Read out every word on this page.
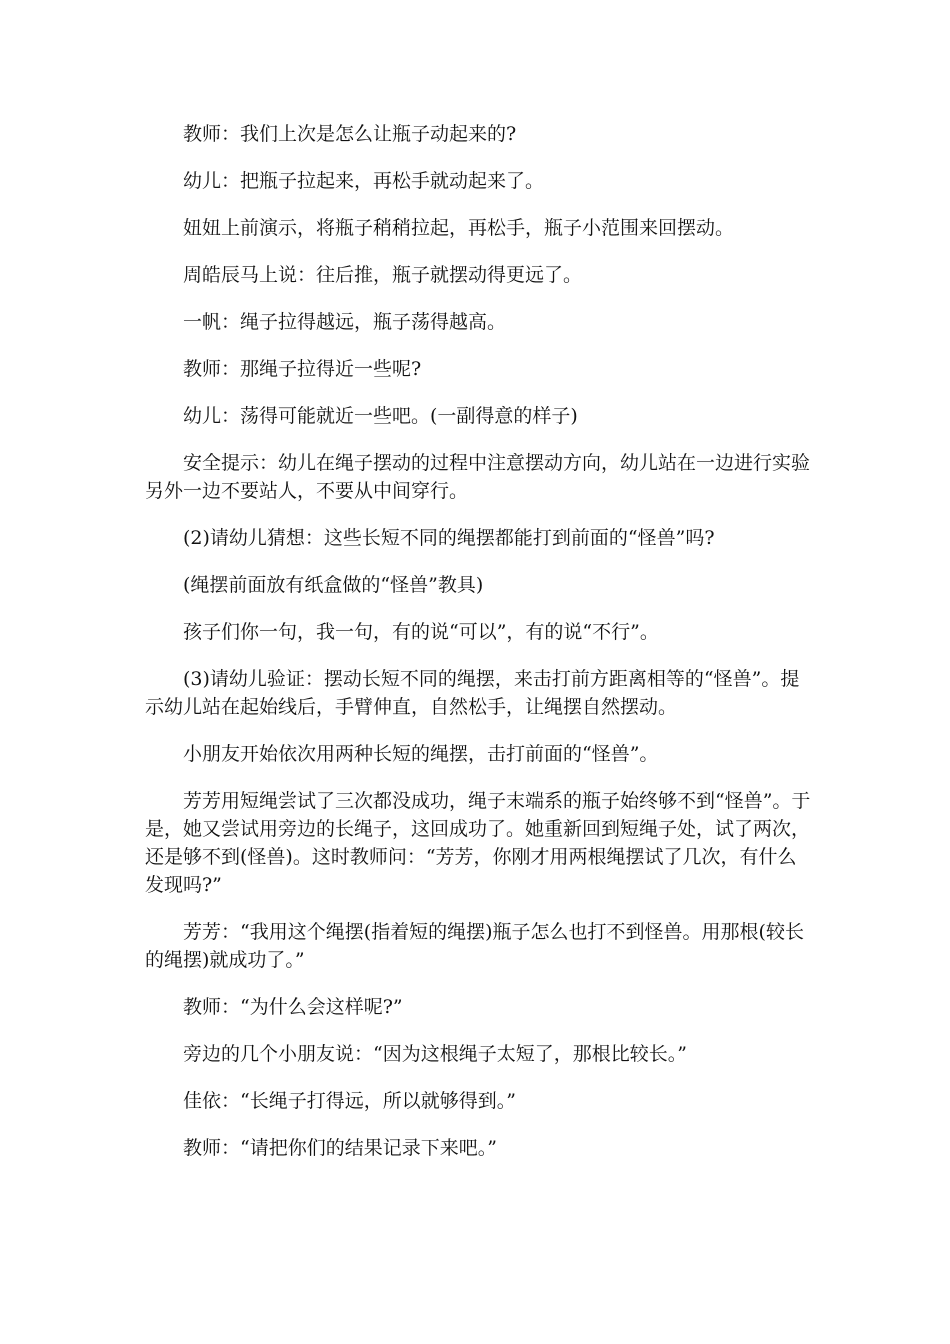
教师：我们上次是怎么让瓶子动起来的?

幼儿：把瓶子拉起来，再松手就动起来了。

妞妞上前演示，将瓶子稍稍拉起，再松手，瓶子小范围来回摆动。

周皓辰马上说：往后推，瓶子就摆动得更远了。

一帆：绳子拉得越远，瓶子荡得越高。

教师：那绳子拉得近一些呢?

幼儿：荡得可能就近一些吧。(一副得意的样子)

安全提示：幼儿在绳子摆动的过程中注意摆动方向，幼儿站在一边进行实验另外一边不要站人，不要从中间穿行。

(2)请幼儿猜想：这些长短不同的绳摆都能打到前面的“怪兽”吗?

(绳摆前面放有纸盒做的“怪兽”教具)

孩子们你一句，我一句，有的说“可以”，有的说“不行”。

(3)请幼儿验证：摆动长短不同的绳摆，来击打前方距离相等的“怪兽”。提示幼儿站在起始线后，手臂伸直，自然松手，让绳摆自然摆动。

小朋友开始依次用两种长短的绳摆，击打前面的“怪兽”。

芳芳用短绳尝试了三次都没成功，绳子末端系的瓶子始终够不到“怪兽”。于是，她又尝试用旁边的长绳子，这回成功了。她重新回到短绳子处，试了两次，还是够不到(怪兽)。这时教师问：“芳芳，你刚才用两根绳摆试了几次，有什么发现吗?”

芳芳：“我用这个绳摆(指着短的绳摆)瓶子怎么也打不到怪兽。用那根(较长的绳摆)就成功了。”

教师：“为什么会这样呢?”

旁边的几个小朋友说：“因为这根绳子太短了，那根比较长。”

佳依：“长绳子打得远，所以就够得到。”

教师：“请把你们的结果记录下来吧。”
